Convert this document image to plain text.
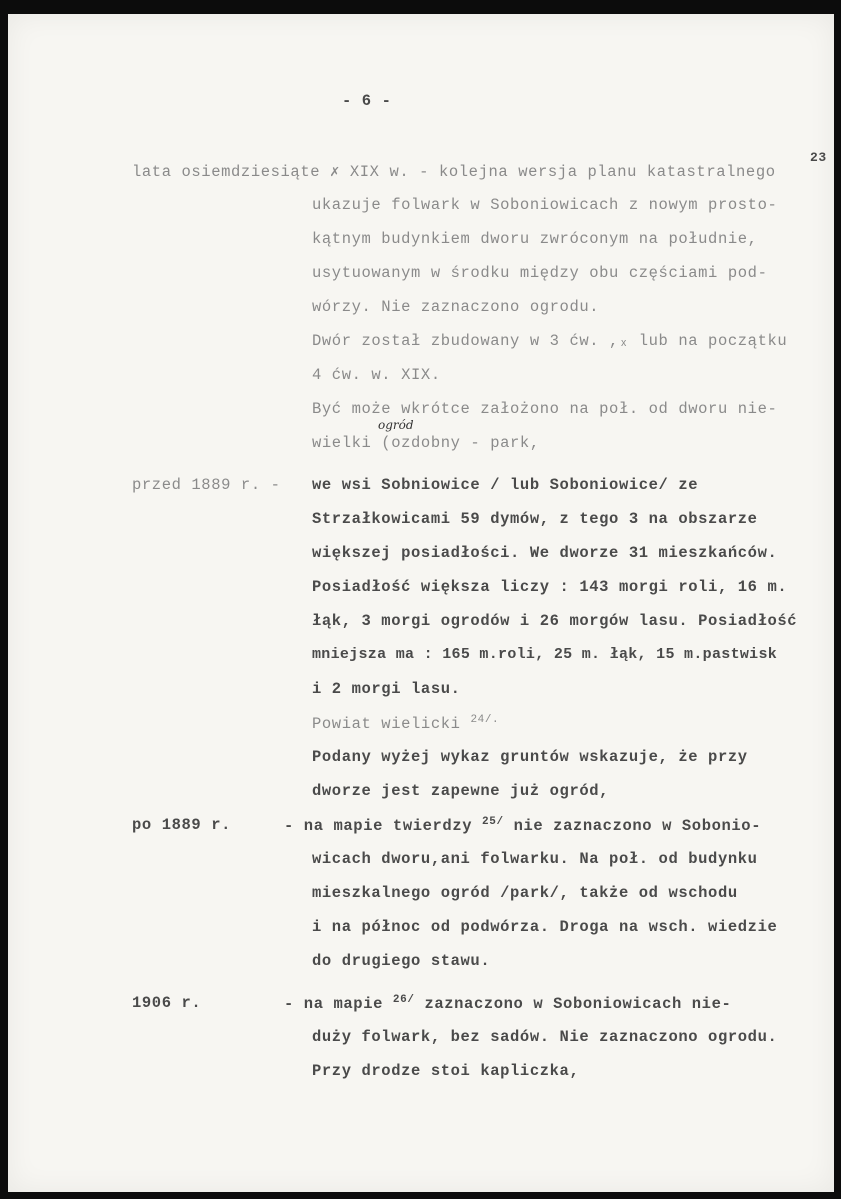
- 6 -
23
lata osiemdziesiąte ✗ XIX w. - kolejna wersja planu katastralnego
ukazuje folwark w Soboniowicach z nowym prosto-
kątnym budynkiem dworu zwróconym na południe,
usytuowanym w środku między obu częściami pod-
wórzy. Nie zaznaczono ogrodu.
Dwór został zbudowany w 3 ćw. ,ₓ lub na początku
4 ćw. w. XIX.
Być może wkrótce założono na poł. od dworu nie-
ogród
wielki (ozdobny - park,
przed 1889 r. - we wsi Sobniowice / lub Soboniowice/ ze
Strzałkowicami 59 dymów, z tego 3 na obszarze
większej posiadłości. We dworze 31 mieszkańców.
Posiadłość większa liczy : 143 morgi roli, 16 m.
łąk, 3 morgi ogrodów i 26 morgów lasu. Posiadłość
mniejsza ma : 165 m.roli, 25 m. łąk, 15 m.pastwisk
i 2 morgi lasu.
Powiat wielicki $^{24/.}$
Podany wyżej wykaz gruntów wskazuje, że przy
dworze jest zapewne już ogród,
po 1889 r.	- na mapie twierdzy $^{25/}$ nie zaznaczono w Sobonio-
wicach dworu,ani folwarku. Na poł. od budynku
mieszkalnego ogród /park/, także od wschodu
i na północ od podwórza. Droga na wsch. wiedzie
do drugiego stawu.
1906 r.	- na mapie $^{26/}$ zaznaczono w Soboniowicach nie-
duży folwark, bez sadów. Nie zaznaczono ogrodu.
Przy drodze stoi kapliczka,
